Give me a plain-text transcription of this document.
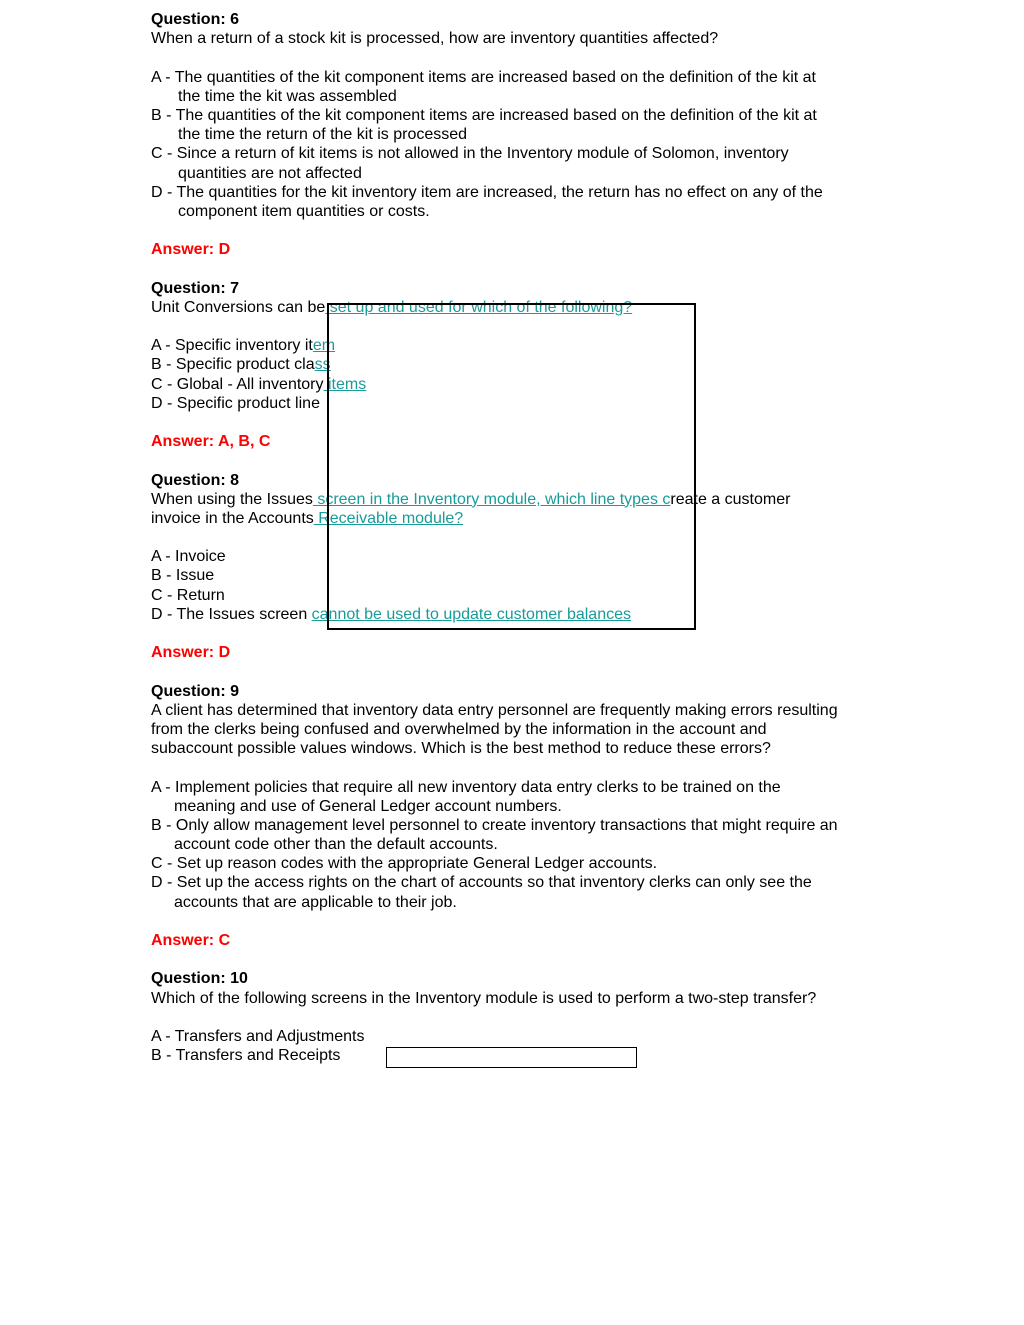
Question: 6
When a return of a stock kit is processed, how are inventory quantities affected?
A - The quantities of the kit component items are increased based on the definition of the kit at
the time the kit was assembled
B - The quantities of the kit component items are increased based on the definition of the kit at
the time the return of the kit is processed
C - Since a return of kit items is not allowed in the Inventory module of Solomon, inventory
quantities are not affected
D - The quantities for the kit inventory item are increased, the return has no effect on any of the
component item quantities or costs.
Answer: D
Question: 7
Unit Conversions can be set up and used for which of the following?
A - Specific inventory item
B - Specific product class
C - Global - All inventory items
D - Specific product line
Answer: A, B, C
Question: 8
When using the Issues screen in the Inventory module, which line types create a customer
invoice in the Accounts Receivable module?
A - Invoice
B - Issue
C - Return
D - The Issues screen cannot be used to update customer balances
Answer: D
Question: 9
A client has determined that inventory data entry personnel are frequently making errors resulting
from the clerks being confused and overwhelmed by the information in the account and
subaccount possible values windows. Which is the best method to reduce these errors?
A - Implement policies that require all new inventory data entry clerks to be trained on the
meaning and use of General Ledger account numbers.
B - Only allow management level personnel to create inventory transactions that might require an
account code other than the default accounts.
C - Set up reason codes with the appropriate General Ledger accounts.
D - Set up the access rights on the chart of accounts so that inventory clerks can only see the
accounts that are applicable to their job.
Answer: C
Question: 10
Which of the following screens in the Inventory module is used to perform a two-step transfer?
A - Transfers and Adjustments
B - Transfers and Receipts
